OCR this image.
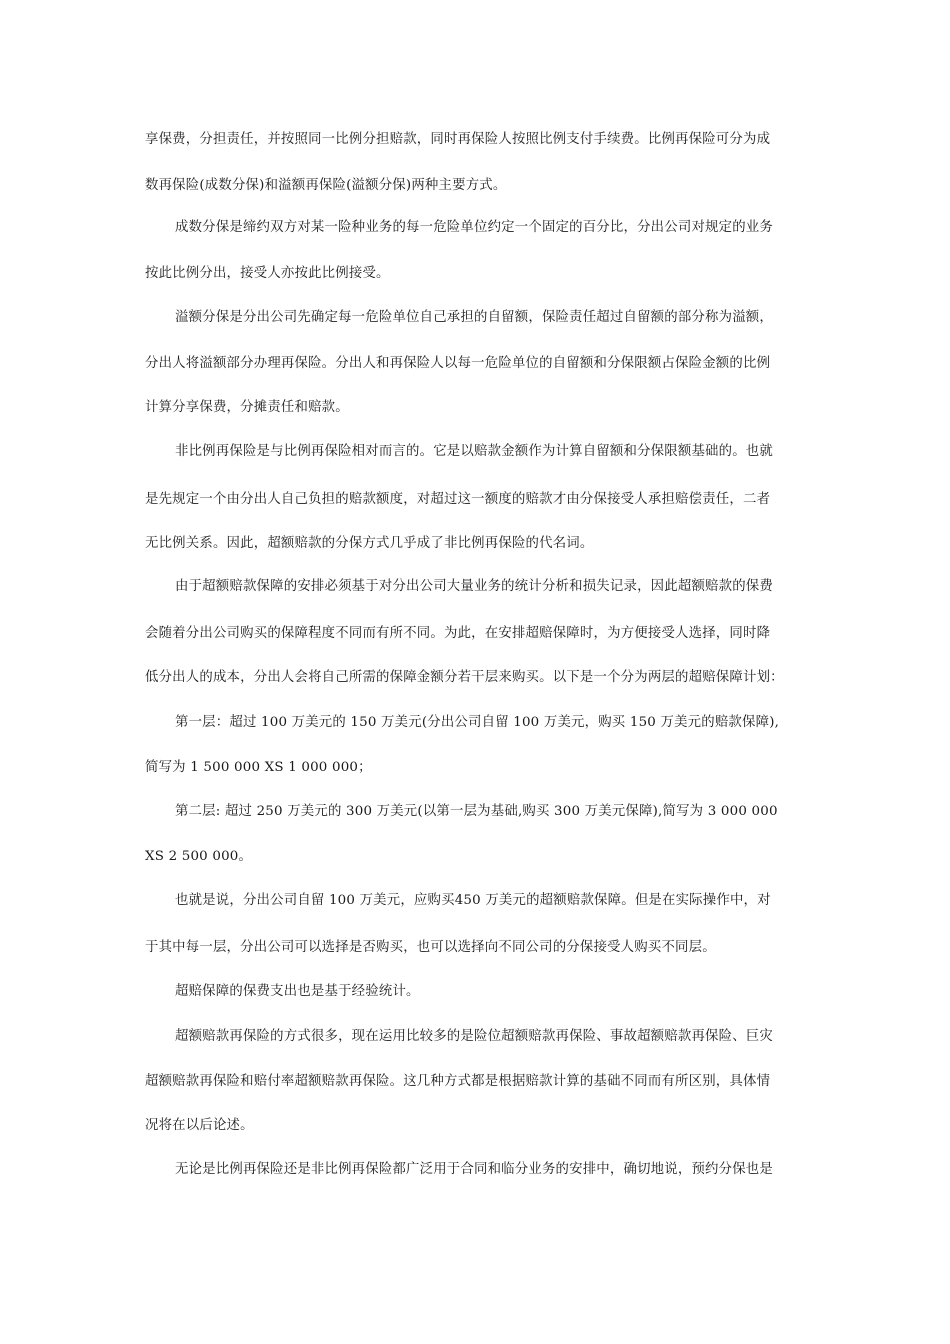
享保费，分担责任，并按照同一比例分担赔款，同时再保险人按照比例支付手续费。比例再保险可分为成
数再保险(成数分保)和溢额再保险(溢额分保)两种主要方式。
成数分保是缔约双方对某一险种业务的每一危险单位约定一个固定的百分比，分出公司对规定的业务
按此比例分出，接受人亦按此比例接受。
溢额分保是分出公司先确定每一危险单位自己承担的自留额，保险责任超过自留额的部分称为溢额，
分出人将溢额部分办理再保险。分出人和再保险人以每一危险单位的自留额和分保限额占保险金额的比例
计算分享保费，分摊责任和赔款。
非比例再保险是与比例再保险相对而言的。它是以赔款金额作为计算自留额和分保限额基础的。也就
是先规定一个由分出人自己负担的赔款额度，对超过这一额度的赔款才由分保接受人承担赔偿责任，二者
无比例关系。因此，超额赔款的分保方式几乎成了非比例再保险的代名词。
由于超额赔款保障的安排必须基于对分出公司大量业务的统计分析和损失记录，因此超额赔款的保费
会随着分出公司购买的保障程度不同而有所不同。为此，在安排超赔保障时，为方便接受人选择，同时降
低分出人的成本，分出人会将自己所需的保障金额分若干层来购买。以下是一个分为两层的超赔保障计划：
第一层：超过 100 万美元的 150 万美元(分出公司自留 100 万美元，购买 150 万美元的赔款保障),
简写为 1 500 000 XS 1 000 000；
第二层: 超过 250 万美元的 300 万美元(以第一层为基础,购买 300 万美元保障),简写为 3 000 000
XS 2 500 000。
也就是说，分出公司自留 100 万美元，应购买450 万美元的超额赔款保障。但是在实际操作中，对
于其中每一层，分出公司可以选择是否购买，也可以选择向不同公司的分保接受人购买不同层。
超赔保障的保费支出也是基于经验统计。
超额赔款再保险的方式很多，现在运用比较多的是险位超额赔款再保险、事故超额赔款再保险、巨灾
超额赔款再保险和赔付率超额赔款再保险。这几种方式都是根据赔款计算的基础不同而有所区别，具体情
况将在以后论述。
无论是比例再保险还是非比例再保险都广泛用于合同和临分业务的安排中，确切地说，预约分保也是
